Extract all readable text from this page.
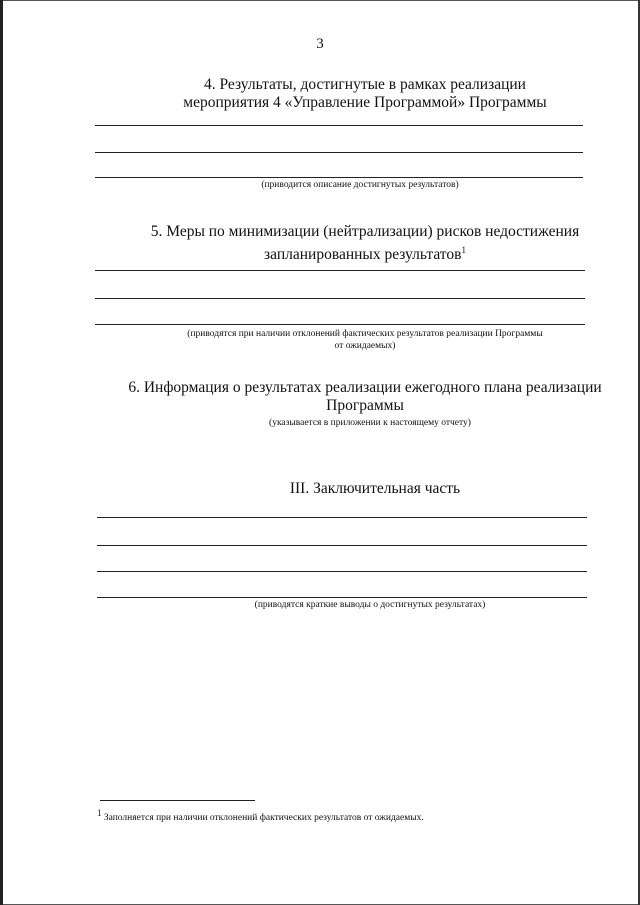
3
4. Результаты, достигнутые в рамках реализации
мероприятия 4 «Управление Программой» Программы
(приводится описание достигнутых результатов)
5. Меры по минимизации (нейтрализации) рисков недостижения
запланированных результатов$^1$
(приводятся при наличии отклонений фактических результатов реализации Программы
от ожидаемых)
6. Информация о результатах реализации ежегодного плана реализации
Программы
(указывается в приложении к настоящему отчету)
III. Заключительная часть
(приводятся краткие выводы о достигнутых результатах)
$^1$ Заполняется при наличии отклонений фактических результатов от ожидаемых.
